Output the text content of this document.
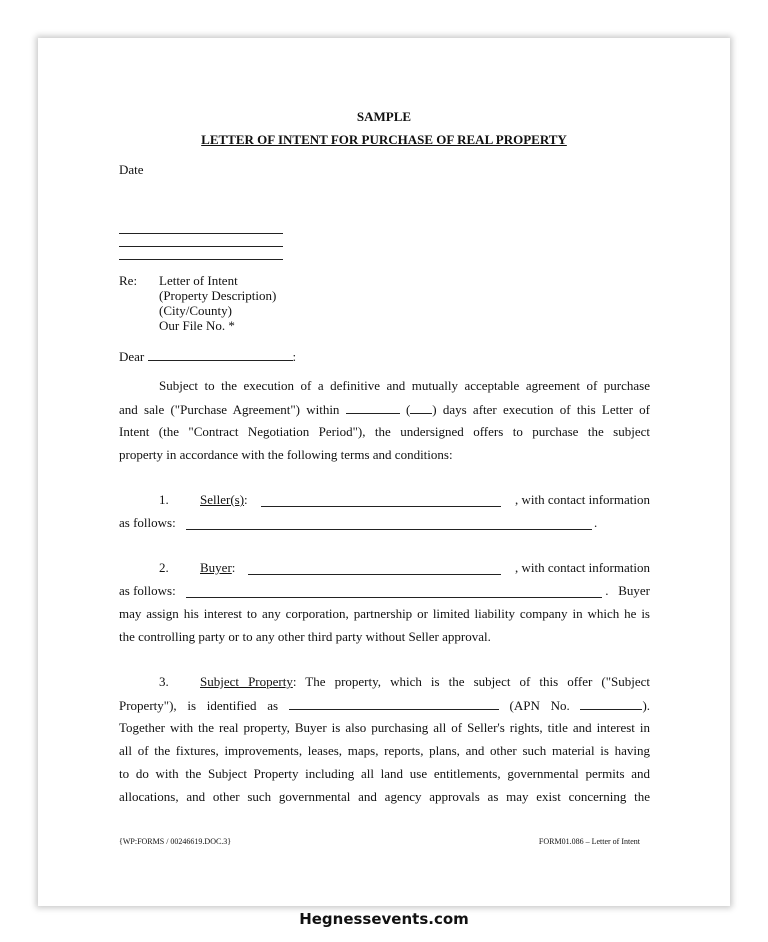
SAMPLE
LETTER OF INTENT FOR PURCHASE OF REAL PROPERTY
Date
Re: Letter of Intent
(Property Description)
(City/County)
Our File No. *
Dear	:
Subject to the execution of a definitive and mutually acceptable agreement of purchase
and sale ("Purchase Agreement") within	( ) days after execution of this Letter of
Intent (the "Contract Negotiation Period"), the undersigned offers to purchase the subject
property in accordance with the following terms and conditions:
1. Seller(s):	, with contact information
as follows:	.
2. Buyer:	, with contact information
as follows:	.   Buyer
may assign his interest to any corporation, partnership or limited liability company in which he is
the controlling party or to any other third party without Seller approval.
3. Subject Property: The property, which is the subject of this offer ("Subject
Property"), is identified as	(APN No.	).
Together with the real property, Buyer is also purchasing all of Seller's rights, title and interest in
all of the fixtures, improvements, leases, maps, reports, plans, and other such material is having
to do with the Subject Property including all land use entitlements, governmental permits and
allocations, and other such governmental and agency approvals as may exist concerning the
{WP:FORMS / 00246619.DOC.3}	FORM01.086 – Letter of Intent
Hegnessevents.com
